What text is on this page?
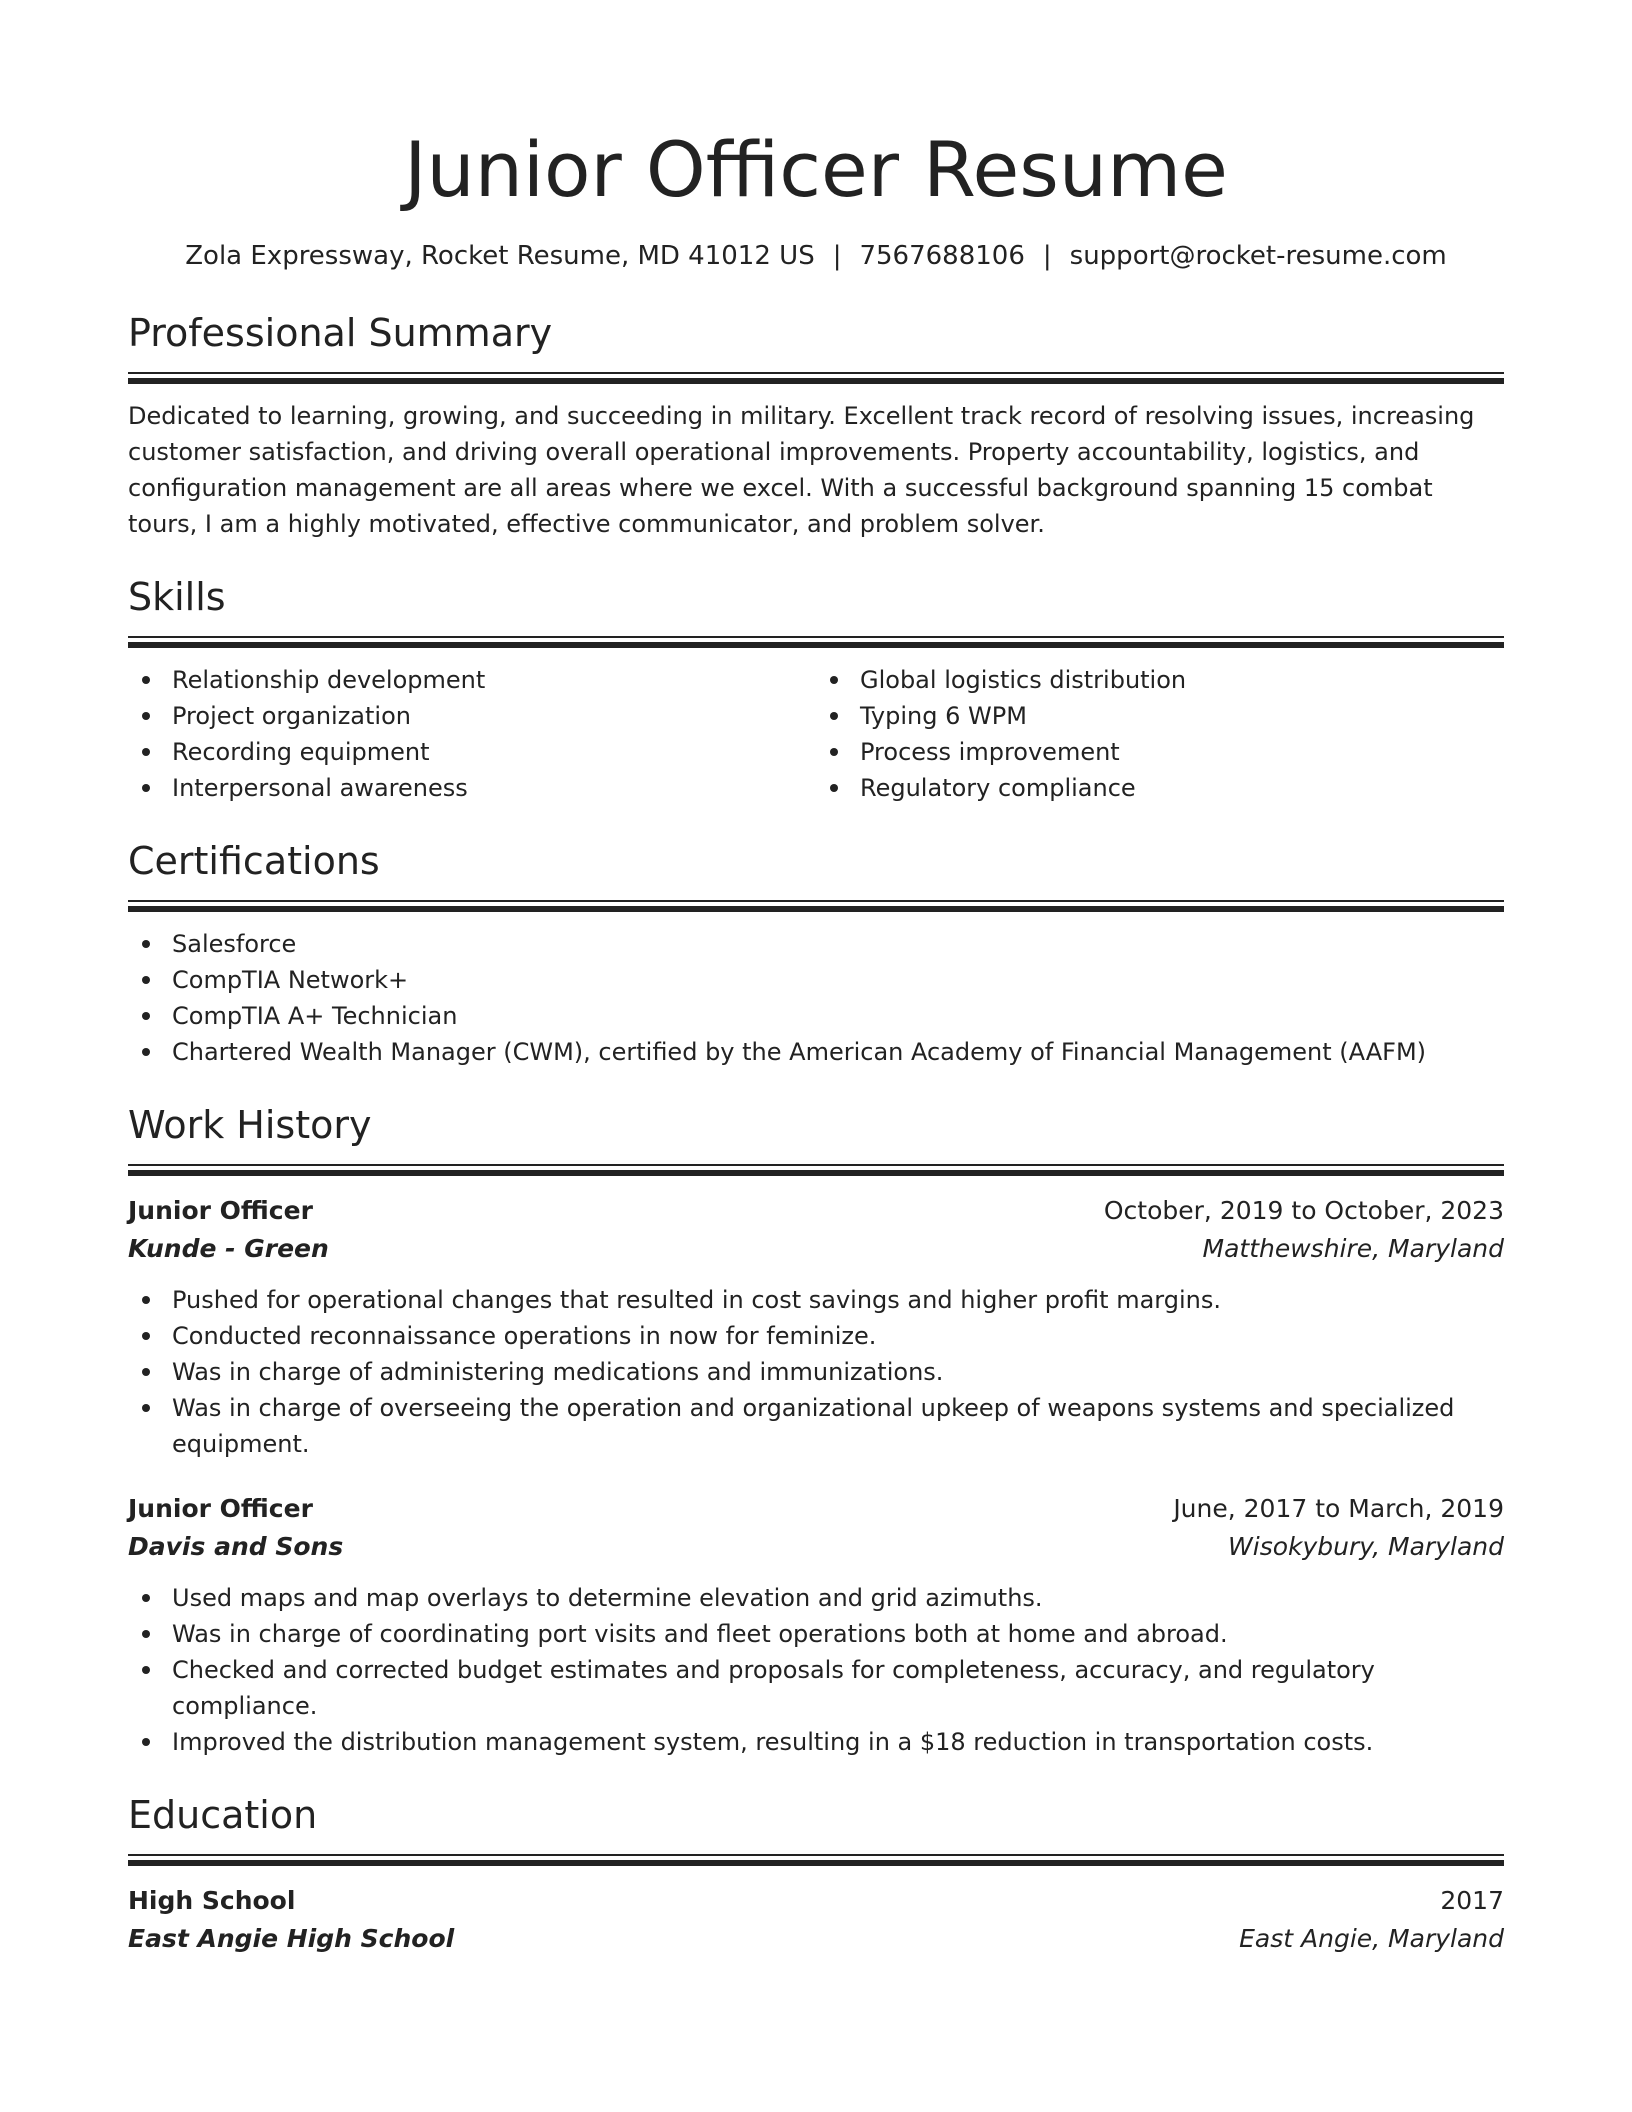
Junior Officer Resume
Zola Expressway, Rocket Resume, MD 41012 US | 7567688106 | support@rocket-resume.com
Professional Summary

Dedicated to learning, growing, and succeeding in military. Excellent track record of resolving issues, increasing customer satisfaction, and driving overall operational improvements. Property accountability, logistics, and configuration management are all areas where we excel. With a successful background spanning 15 combat tours, I am a highly motivated, effective communicator, and problem solver.

Skills
Relationship development
Project organization
Recording equipment
Interpersonal awareness
Global logistics distribution
Typing 6 WPM
Process improvement
Regulatory compliance
Certifications
Salesforce
CompTIA Network+
CompTIA A+ Technician
Chartered Wealth Manager (CWM), certified by the American Academy of Financial Management (AAFM)
Work History
Junior Officer	October, 2019 to October, 2023
Kunde - Green	Matthewshire, Maryland
Pushed for operational changes that resulted in cost savings and higher profit margins.
Conducted reconnaissance operations in now for feminize.
Was in charge of administering medications and immunizations.
Was in charge of overseeing the operation and organizational upkeep of weapons systems and specialized equipment.
Junior Officer	June, 2017 to March, 2019
Davis and Sons	Wisokybury, Maryland
Used maps and map overlays to determine elevation and grid azimuths.
Was in charge of coordinating port visits and fleet operations both at home and abroad.
Checked and corrected budget estimates and proposals for completeness, accuracy, and regulatory compliance.
Improved the distribution management system, resulting in a $18 reduction in transportation costs.
Education
High School	2017
East Angie High School	East Angie, Maryland
